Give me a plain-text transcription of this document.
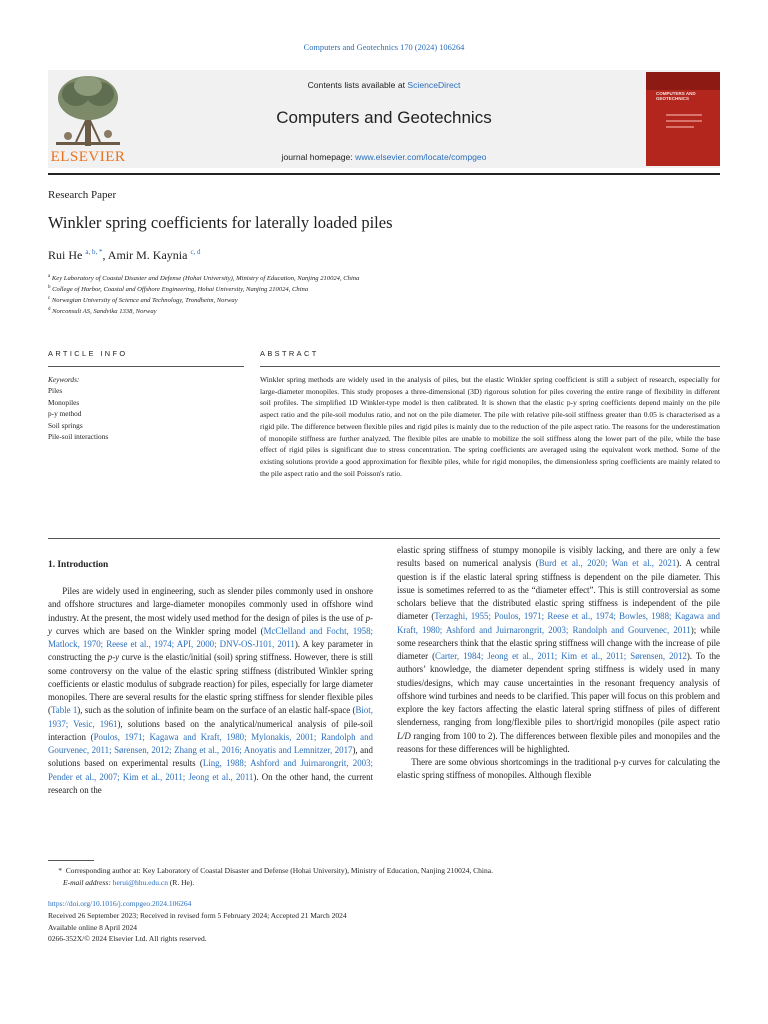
Computers and Geotechnics 170 (2024) 106264
ELSEVIER
Contents lists available at ScienceDirect
Computers and Geotechnics
journal homepage: www.elsevier.com/locate/compgeo
COMPUTERS AND
GEOTECHNICS
Research Paper
Winkler spring coefficients for laterally loaded piles
Rui He $^{a, b, *}$, Amir M. Kaynia $^{c, d}$
$^a$ Key Laboratory of Coastal Disaster and Defense (Hohai University), Ministry of Education, Nanjing 210024, China
$^b$ College of Harbor, Coastal and Offshore Engineering, Hohai University, Nanjing 210024, China
$^c$ Norwegian University of Science and Technology, Trondheim, Norway
$^d$ Norconsult AS, Sandvika 1338, Norway
ARTICLE INFO	ABSTRACT
Keywords:
Piles
Monopiles
p-y method
Soil springs
Pile-soil interactions
Winkler spring methods are widely used in the analysis of piles, but the elastic Winkler spring coefficient is still a subject of research, especially for large-diameter monopiles. This study proposes a three-dimensional (3D) rigorous solution for piles covering the entire range of flexibility in different soil profiles. The simplified 1D Winkler-type model is then calibrated. It is shown that the elastic p-y spring coefficients depend mainly on the pile aspect ratio and the pile-soil modulus ratio, and not on the pile diameter. The pile with relative pile-soil stiffness greater than 0.05 is characterised as a rigid pile. The difference between flexible piles and rigid piles is mainly due to the reduction of the pile aspect ratio. The reasons for the underestimation of monopile stiffness are further analyzed. The flexible piles are unable to mobilize the soil stiffness along the lower part of the pile, while the base effect of rigid piles is significant due to stress concentration. The spring coefficients are averaged using the equivalent work method. Some of the existing solutions provide a good approximation for flexible piles, while for rigid monopiles, the dimensionless spring coefficients are mainly related to the pile aspect ratio and the soil Poisson's ratio.
1. Introduction

Piles are widely used in engineering, such as slender piles commonly used in onshore and offshore structures and large-diameter monopiles commonly used in offshore wind industry. At the present, the most widely used method for the design of piles is the use of p-y curves which are based on the Winkler spring model (McClelland and Focht, 1958; Matlock, 1970; Reese et al., 1974; API, 2000; DNV-OS-J101, 2011). A key parameter in constructing the p-y curve is the elastic/initial (soil) spring stiffness. However, there is still some controversy on the value of the elastic spring stiffness (distributed Winkler spring coefficients or elastic modulus of subgrade reaction) for piles, especially for large diameter monopiles. There are several results for the elastic spring stiffness for slender flexible piles (Table 1), such as the solution of infinite beam on the surface of an elastic half-space (Biot, 1937; Vesic, 1961), solutions based on the analytical/numerical analysis of pile-soil interaction (Poulos, 1971; Kagawa and Kraft, 1980; Mylonakis, 2001; Randolph and Gourvenec, 2011; Sørensen, 2012; Zhang et al., 2016; Anoyatis and Lemnitzer, 2017), and solutions based on experimental results (Ling, 1988; Ashford and Juirnarongrit, 2003; Pender et al., 2007; Kim et al., 2011; Jeong et al., 2011). On the other hand, the current research on the

elastic spring stiffness of stumpy monopile is visibly lacking, and there are only a few results based on numerical analysis (Burd et al., 2020; Wan et al., 2021). A central question is if the elastic lateral spring stiffness is dependent on the pile diameter. This issue is sometimes referred to as the “diameter effect”. This is still controversial as some scholars believe that the distributed elastic spring stiffness is independent of the pile diameter (Terzaghi, 1955; Poulos, 1971; Reese et al., 1974; Bowles, 1988; Kagawa and Kraft, 1980; Ashford and Juirnarongrit, 2003; Randolph and Gourvenec, 2011); while some researchers think that the elastic spring stiffness will change with the increase of pile diameter (Carter, 1984; Jeong et al., 2011; Kim et al., 2011; Sørensen, 2012). To the authors’ knowledge, the diameter dependent spring stiffness is widely used in many studies/designs, which may cause uncertainties in the resonant frequency analysis of offshore wind turbines and needs to be clarified. This paper will focus on this problem and explore the key factors affecting the elastic lateral spring stiffness of piles of different slenderness, ranging from long/flexible piles to short/rigid monopiles (pile aspect ratio L/D ranging from 100 to 2). The differences between flexible piles and monopiles and the reasons for these differences will be highlighted.

There are some obvious shortcomings in the traditional p-y curves for calculating the elastic spring stiffness of monopiles. Although flexible

* Corresponding author at: Key Laboratory of Coastal Disaster and Defense (Hohai University), Ministry of Education, Nanjing 210024, China.
E-mail address: herui@hhu.edu.cn (R. He).
https://doi.org/10.1016/j.compgeo.2024.106264
Received 26 September 2023; Received in revised form 5 February 2024; Accepted 21 March 2024
Available online 8 April 2024
0266-352X/© 2024 Elsevier Ltd. All rights reserved.
